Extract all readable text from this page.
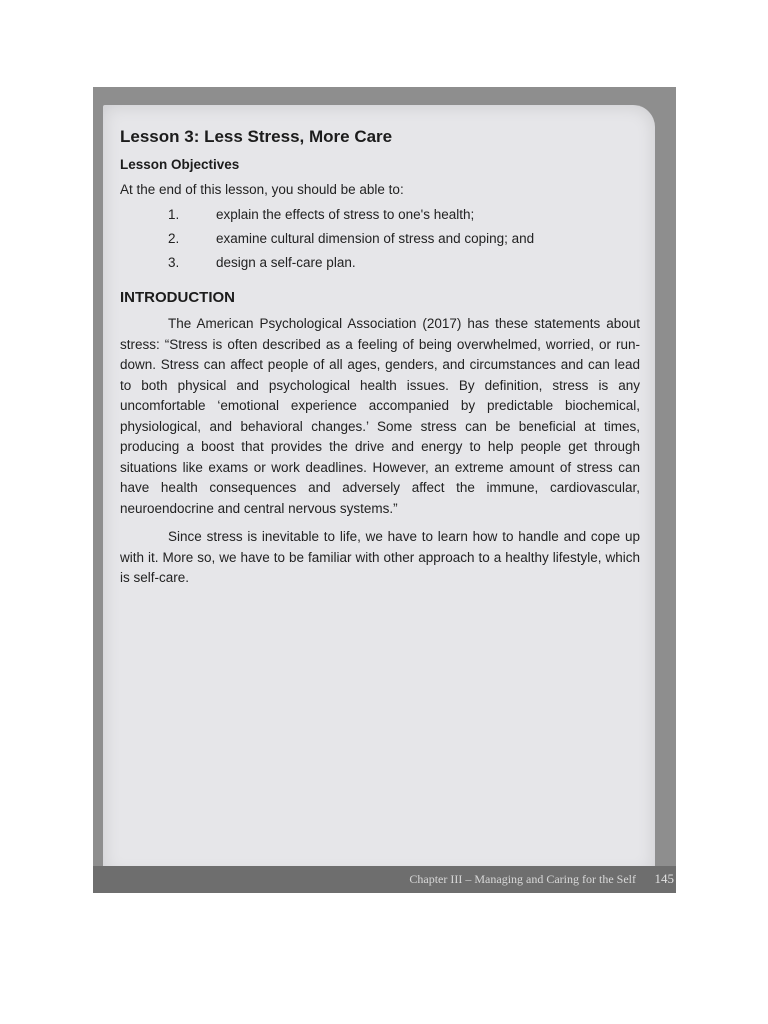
Chapter III – Managing and Caring for the Self 145
Lesson 3: Less Stress, More Care
Lesson Objectives

At the end of this lesson, you should be able to:

1.	explain the effects of stress to one's health;
2.	examine cultural dimension of stress and coping; and
3.	design a self-care plan.
INTRODUCTION

The American Psychological Association (2017) has these statements about stress: “Stress is often described as a feeling of being overwhelmed, worried, or run-down. Stress can affect people of all ages, genders, and circumstances and can lead to both physical and psychological health issues. By definition, stress is any uncomfortable ‘emotional experience accompanied by predictable biochemical, physiological, and behavioral changes.’ Some stress can be beneficial at times, producing a boost that provides the drive and energy to help people get through situations like exams or work deadlines. However, an extreme amount of stress can have health consequences and adversely affect the immune, cardiovascular, neuroendocrine and central nervous systems.”

Since stress is inevitable to life, we have to learn how to handle and cope up with it. More so, we have to be familiar with other approach to a healthy lifestyle, which is self-care.
